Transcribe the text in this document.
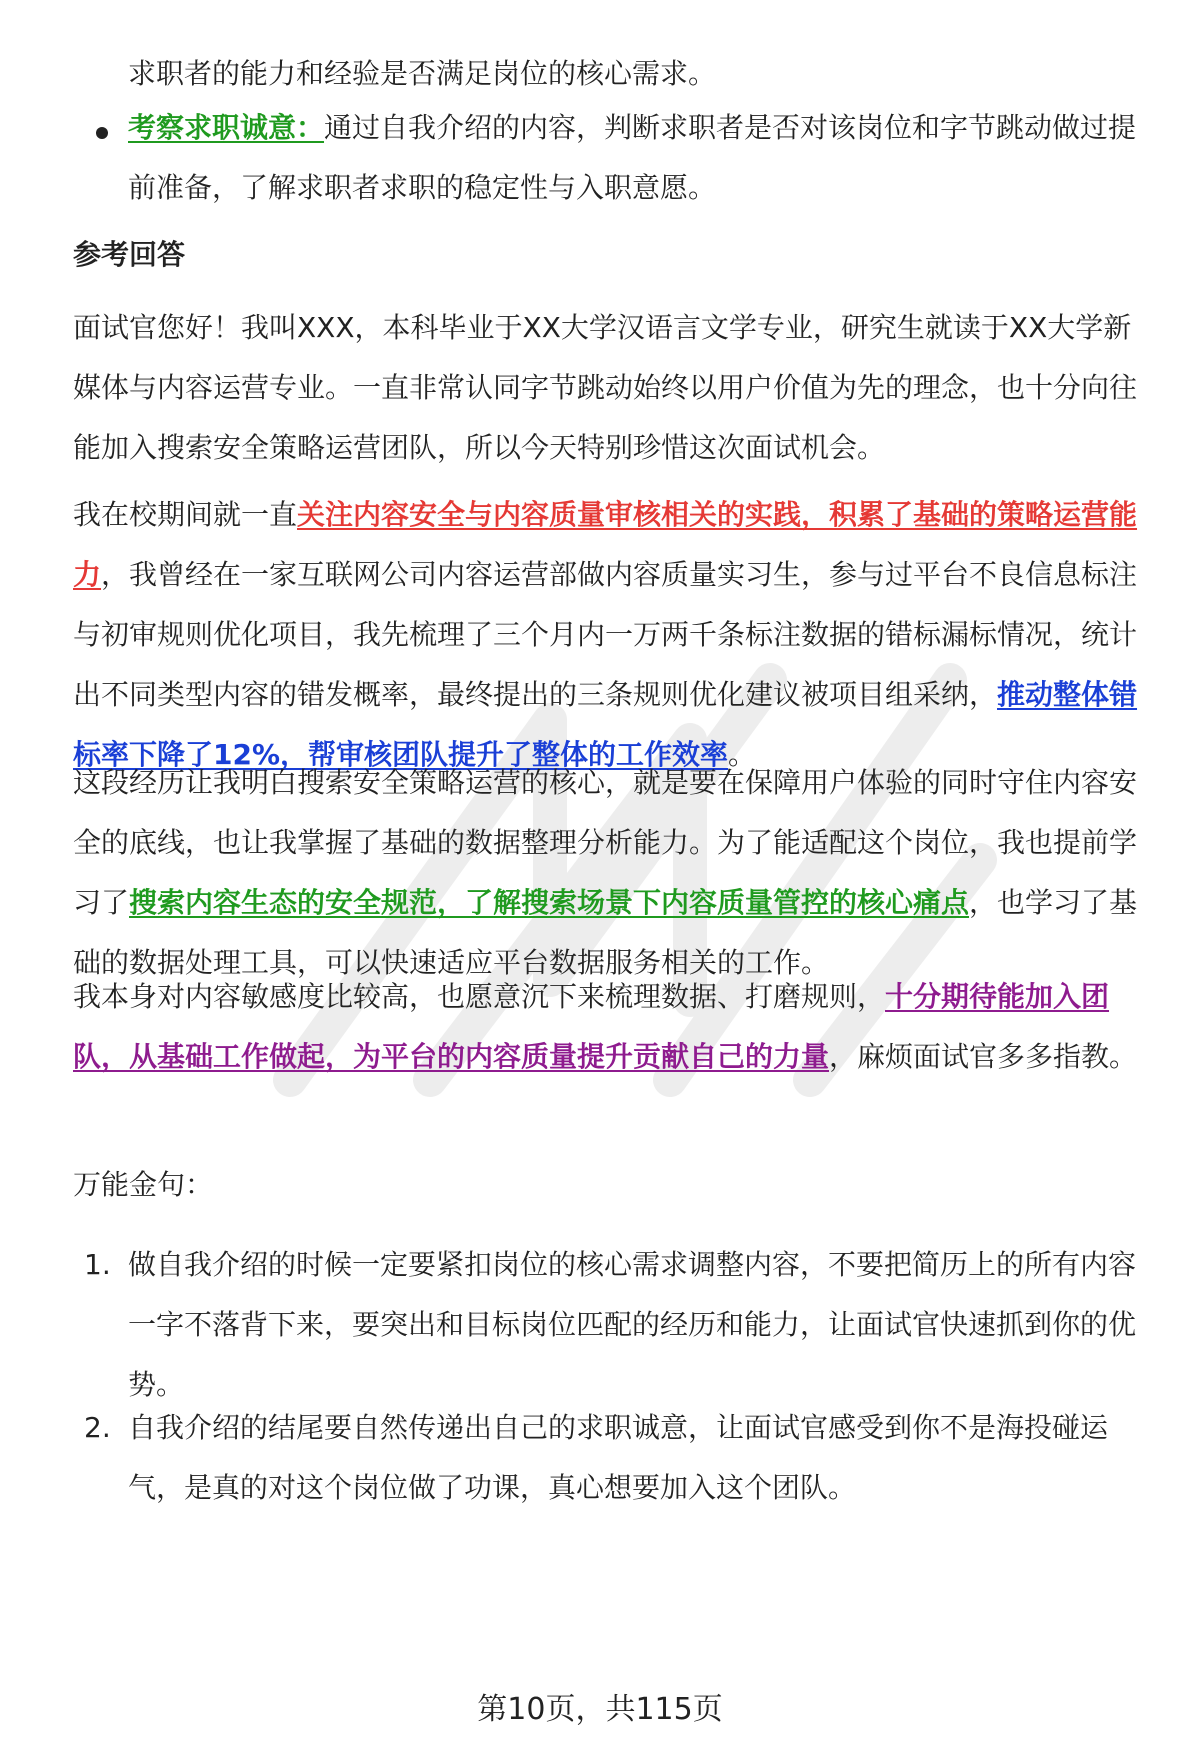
求职者的能力和经验是否满足岗位的核心需求。

考察求职诚意：通过自我介绍的内容，判断求职者是否对该岗位和字节跳动做过提前准备，了解求职者求职的稳定性与入职意愿。

参考回答

面试官您好！我叫XXX，本科毕业于XX大学汉语言文学专业，研究生就读于XX大学新媒体与内容运营专业。一直非常认同字节跳动始终以用户价值为先的理念，也十分向往能加入搜索安全策略运营团队，所以今天特别珍惜这次面试机会。

我在校期间就一直关注内容安全与内容质量审核相关的实践，积累了基础的策略运营能力，我曾经在一家互联网公司内容运营部做内容质量实习生，参与过平台不良信息标注与初审规则优化项目，我先梳理了三个月内一万两千条标注数据的错标漏标情况，统计出不同类型内容的错发概率，最终提出的三条规则优化建议被项目组采纳，推动整体错标率下降了12%，帮审核团队提升了整体的工作效率。

这段经历让我明白搜索安全策略运营的核心，就是要在保障用户体验的同时守住内容安全的底线，也让我掌握了基础的数据整理分析能力。为了能适配这个岗位，我也提前学习了搜索内容生态的安全规范，了解搜索场景下内容质量管控的核心痛点，也学习了基础的数据处理工具，可以快速适应平台数据服务相关的工作。

我本身对内容敏感度比较高，也愿意沉下来梳理数据、打磨规则，十分期待能加入团队，从基础工作做起，为平台的内容质量提升贡献自己的力量，麻烦面试官多多指教。

万能金句：
1. 做自我介绍的时候一定要紧扣岗位的核心需求调整内容，不要把简历上的所有内容一字不落背下来，要突出和目标岗位匹配的经历和能力，让面试官快速抓到你的优势。

2. 自我介绍的结尾要自然传递出自己的求职诚意，让面试官感受到你不是海投碰运气，是真的对这个岗位做了功课，真心想要加入这个团队。

第10页，共115页
